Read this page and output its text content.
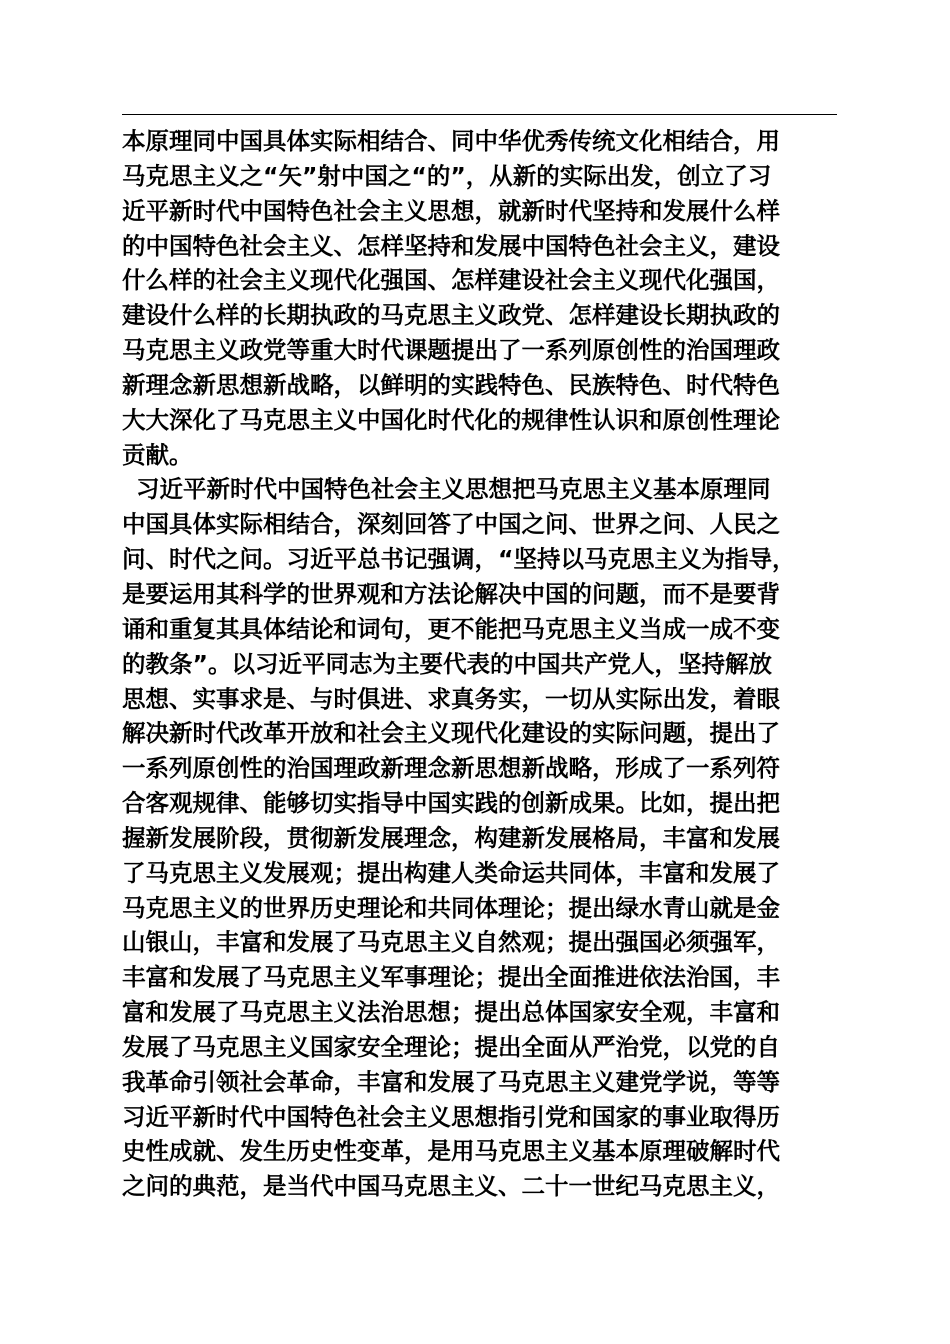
本原理同中国具体实际相结合、同中华优秀传统文化相结合，用
马克思主义之“矢”射中国之“的”，从新的实际出发，创立了习
近平新时代中国特色社会主义思想，就新时代坚持和发展什么样
的中国特色社会主义、怎样坚持和发展中国特色社会主义，建设
什么样的社会主义现代化强国、怎样建设社会主义现代化强国，
建设什么样的长期执政的马克思主义政党、怎样建设长期执政的
马克思主义政党等重大时代课题提出了一系列原创性的治国理政
新理念新思想新战略，以鲜明的实践特色、民族特色、时代特色
大大深化了马克思主义中国化时代化的规律性认识和原创性理论
贡献。
习近平新时代中国特色社会主义思想把马克思主义基本原理同
中国具体实际相结合，深刻回答了中国之问、世界之问、人民之
问、时代之问。习近平总书记强调，“坚持以马克思主义为指导，
是要运用其科学的世界观和方法论解决中国的问题，而不是要背
诵和重复其具体结论和词句，更不能把马克思主义当成一成不变
的教条”。以习近平同志为主要代表的中国共产党人，坚持解放
思想、实事求是、与时俱进、求真务实，一切从实际出发，着眼
解决新时代改革开放和社会主义现代化建设的实际问题，提出了
一系列原创性的治国理政新理念新思想新战略，形成了一系列符
合客观规律、能够切实指导中国实践的创新成果。比如，提出把
握新发展阶段，贯彻新发展理念，构建新发展格局，丰富和发展
了马克思主义发展观；提出构建人类命运共同体，丰富和发展了
马克思主义的世界历史理论和共同体理论；提出绿水青山就是金
山银山，丰富和发展了马克思主义自然观；提出强国必须强军，
丰富和发展了马克思主义军事理论；提出全面推进依法治国，丰
富和发展了马克思主义法治思想；提出总体国家安全观，丰富和
发展了马克思主义国家安全理论；提出全面从严治党，以党的自
我革命引领社会革命，丰富和发展了马克思主义建党学说，等等
习近平新时代中国特色社会主义思想指引党和国家的事业取得历
史性成就、发生历史性变革，是用马克思主义基本原理破解时代
之问的典范，是当代中国马克思主义、二十一世纪马克思主义，
